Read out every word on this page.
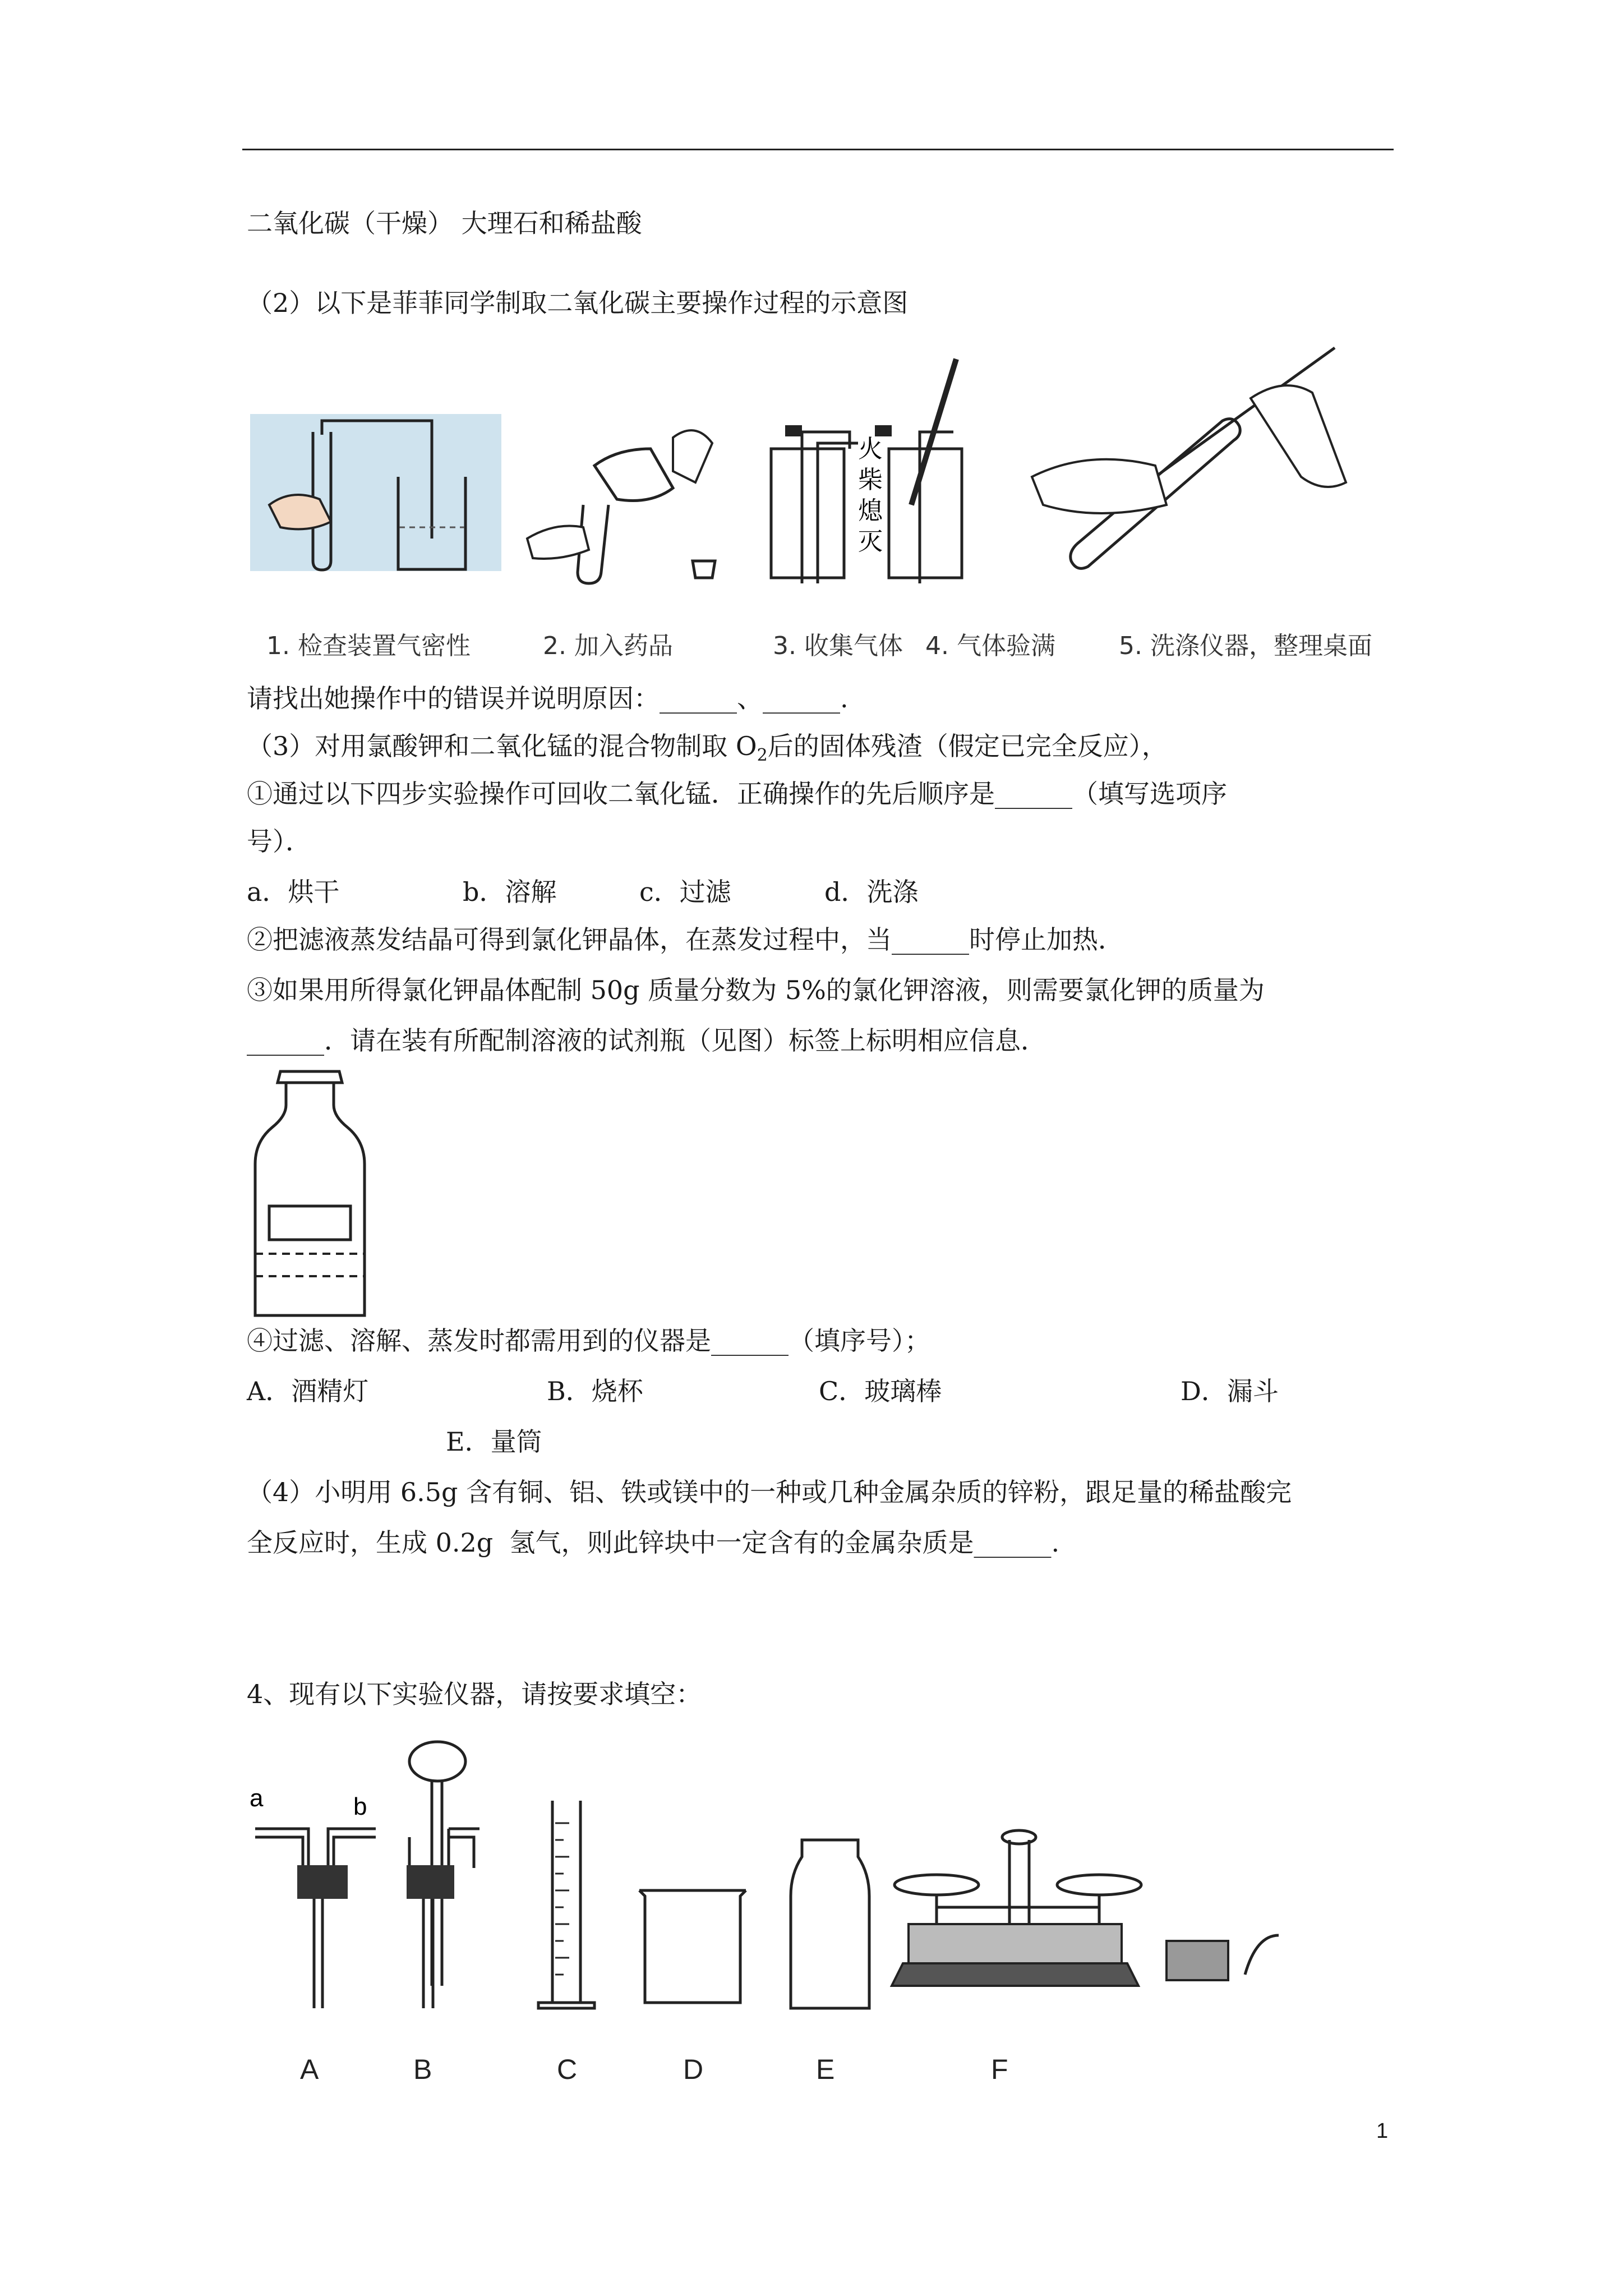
二氧化碳（干燥） 大理石和稀盐酸
（2）以下是菲菲同学制取二氧化碳主要操作过程的示意图
火
柴
熄
灭
1. 检查装置气密性	2. 加入药品	3. 收集气体 4. 气体验满	5. 洗涤仪器，整理桌面
请找出她操作中的错误并说明原因：______、______.
（3）对用氯酸钾和二氧化锰的混合物制取 $O_2$后的固体残渣（假定已完全反应），
①通过以下四步实验操作可回收二氧化锰．正确操作的先后顺序是______（填写选项序
号）．
a．烘干	b．溶解	c．过滤	d．洗涤
②把滤液蒸发结晶可得到氯化钾晶体，在蒸发过程中，当______时停止加热．
③如果用所得氯化钾晶体配制 50g 质量分数为 5%的氯化钾溶液，则需要氯化钾的质量为
______．请在装有所配制溶液的试剂瓶（见图）标签上标明相应信息．
④过滤、溶解、蒸发时都需用到的仪器是______（填序号）；
A．酒精灯	B．烧杯	C．玻璃棒	D．漏斗
E．量筒
（4）小明用 6.5g 含有铜、铝、铁或镁中的一种或几种金属杂质的锌粉，跟足量的稀盐酸完
全反应时，生成 0.2g  氢气，则此锌块中一定含有的金属杂质是______.
4、现有以下实验仪器，请按要求填空：
a	b
A	B	C	D	E	F
1
